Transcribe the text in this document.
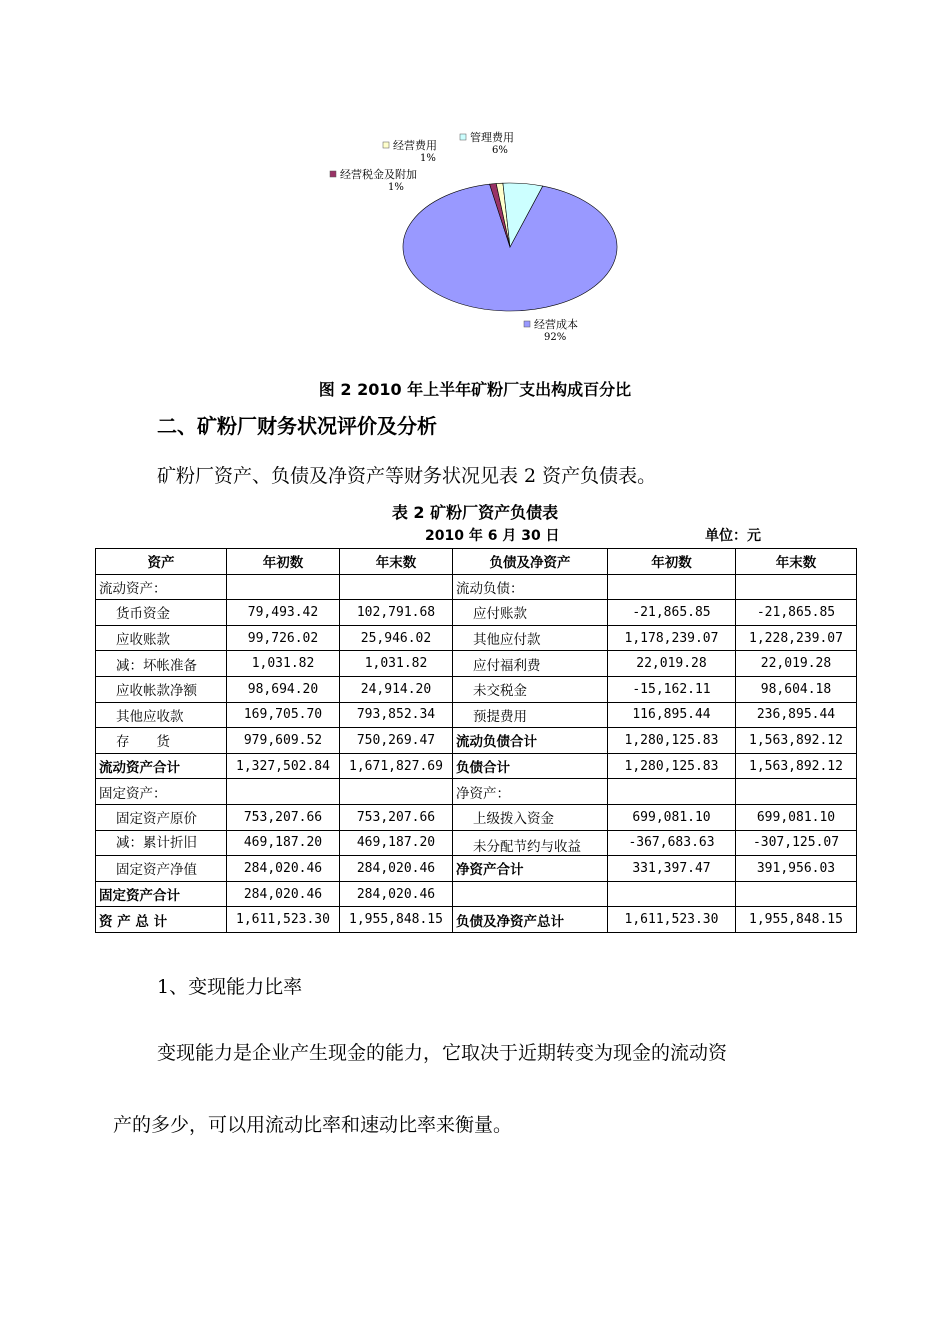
经营成本
92%
经营税金及附加
1%
经营费用
1%
管理费用
6%
图 2 2010 年上半年矿粉厂支出构成百分比
二、矿粉厂财务状况评价及分析
矿粉厂资产、负债及净资产等财务状况见表 2 资产负债表。
表 2 矿粉厂资产负债表
2010 年 6 月 30 日	单位：元
资产	年初数	年末数	负债及净资产	年初数	年末数
流动资产：			流动负债：		
货币资金	79,493.42	102,791.68	应付账款	-21,865.85	-21,865.85
应收账款	99,726.02	25,946.02	其他应付款	1,178,239.07	1,228,239.07
减：坏帐准备	1,031.82	1,031.82	应付福利费	22,019.28	22,019.28
应收帐款净额	98,694.20	24,914.20	未交税金	-15,162.11	98,604.18
其他应收款	169,705.70	793,852.34	预提费用	116,895.44	236,895.44
存　　货	979,609.52	750,269.47	流动负债合计	1,280,125.83	1,563,892.12
流动资产合计	1,327,502.84	1,671,827.69	负债合计	1,280,125.83	1,563,892.12
固定资产：			净资产：		
固定资产原价	753,207.66	753,207.66	上级拨入资金	699,081.10	699,081.10
减：累计折旧	469,187.20	469,187.20	未分配节约与收益	-367,683.63	-307,125.07
固定资产净值	284,020.46	284,020.46	净资产合计	331,397.47	391,956.03
固定资产合计	284,020.46	284,020.46			
资 产 总 计	1,611,523.30	1,955,848.15	负债及净资产总计	1,611,523.30	1,955,848.15
1、变现能力比率
变现能力是企业产生现金的能力，它取决于近期转变为现金的流动资
产的多少，可以用流动比率和速动比率来衡量。
